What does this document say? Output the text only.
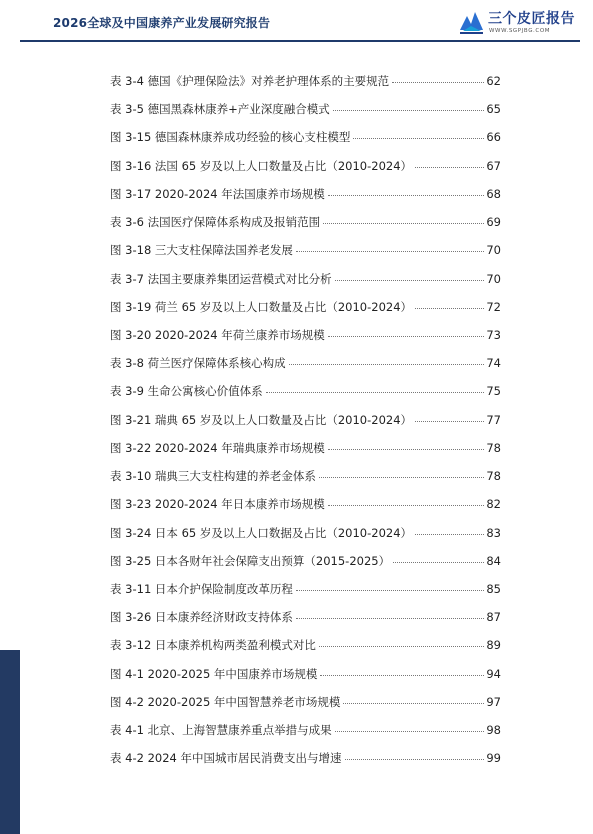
2026全球及中国康养产业发展研究报告	三个皮匠报告
WWW.SGPJBG.COM
表 3-4 德国《护理保险法》对养老护理体系的主要规范	62
表 3-5 德国黑森林康养+产业深度融合模式	65
图 3-15 德国森林康养成功经验的核心支柱模型	66
图 3-16 法国 65 岁及以上人口数量及占比（2010-2024）	67
图 3-17 2020-2024 年法国康养市场规模	68
表 3-6 法国医疗保障体系构成及报销范围	69
图 3-18 三大支柱保障法国养老发展	70
表 3-7 法国主要康养集团运营模式对比分析	70
图 3-19 荷兰 65 岁及以上人口数量及占比（2010-2024）	72
图 3-20 2020-2024 年荷兰康养市场规模	73
表 3-8 荷兰医疗保障体系核心构成	74
表 3-9 生命公寓核心价值体系	75
图 3-21 瑞典 65 岁及以上人口数量及占比（2010-2024）	77
图 3-22 2020-2024 年瑞典康养市场规模	78
表 3-10 瑞典三大支柱构建的养老金体系	78
图 3-23 2020-2024 年日本康养市场规模	82
图 3-24 日本 65 岁及以上人口数据及占比（2010-2024）	83
图 3-25 日本各财年社会保障支出预算（2015-2025）	84
表 3-11 日本介护保险制度改革历程	85
图 3-26 日本康养经济财政支持体系	87
表 3-12 日本康养机构两类盈利模式对比	89
图 4-1 2020-2025 年中国康养市场规模	94
图 4-2 2020-2025 年中国智慧养老市场规模	97
表 4-1 北京、上海智慧康养重点举措与成果	98
表 4-2 2024 年中国城市居民消费支出与增速	99
